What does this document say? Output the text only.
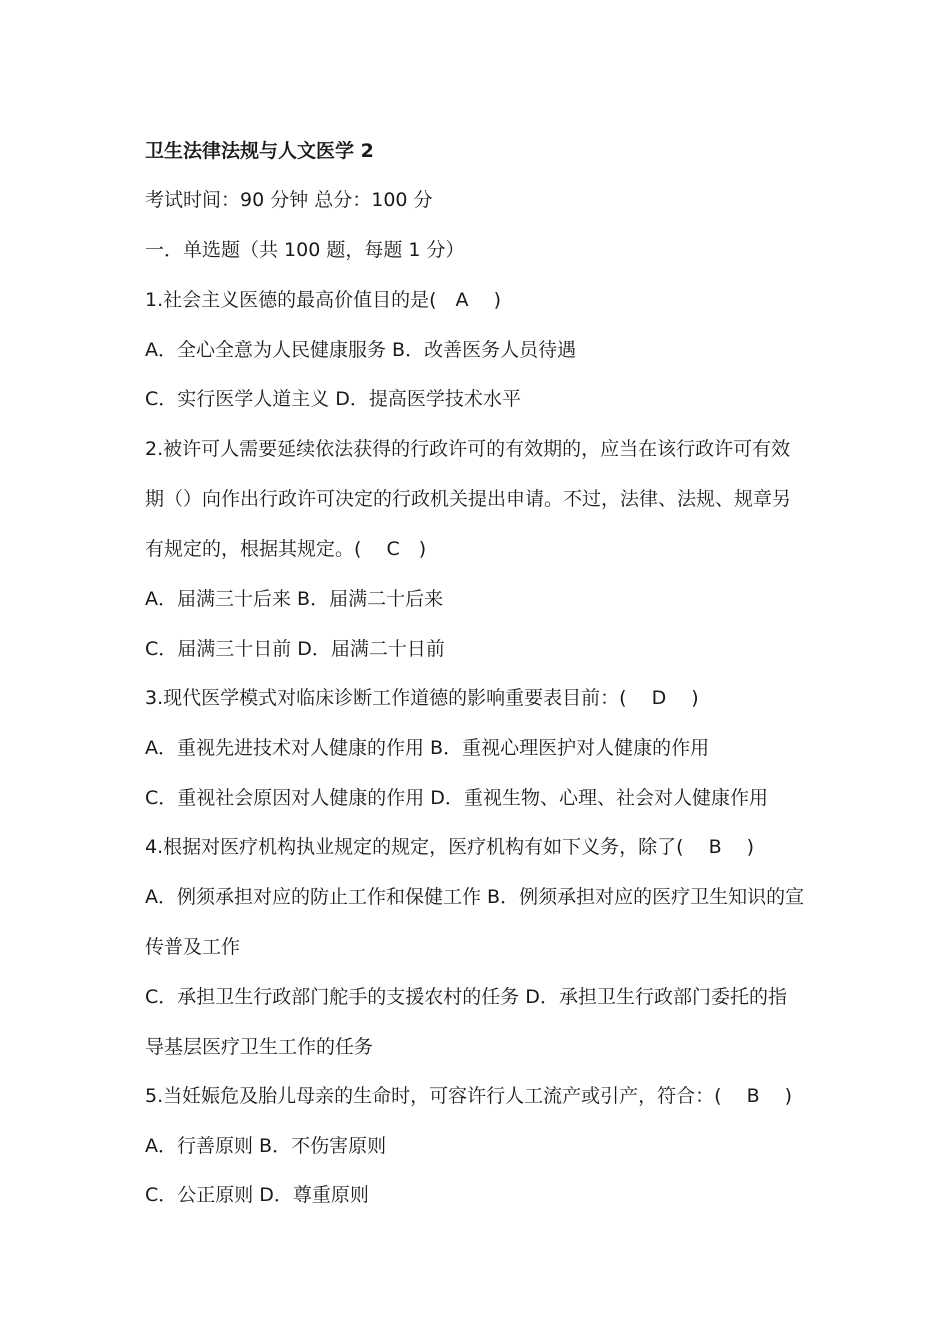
卫生法律法规与人文医学 2
考试时间：90 分钟 总分：100 分
一．单选题（共 100 题，每题 1 分）
1.社会主义医德的最高价值目的是(　A　 )
A．全心全意为人民健康服务 B．改善医务人员待遇
C．实行医学人道主义 D．提高医学技术水平
2.被许可人需要延续依法获得的行政许可的有效期的，应当在该行政许可有效
期（）向作出行政许可决定的行政机关提出申请。不过，法律、法规、规章另
有规定的，根据其规定。(　 C　)
A．届满三十后来 B．届满二十后来
C．届满三十日前 D．届满二十日前
3.现代医学模式对临床诊断工作道德的影响重要表目前：(　 D　 )
A．重视先进技术对人健康的作用 B．重视心理医护对人健康的作用
C．重视社会原因对人健康的作用 D．重视生物、心理、社会对人健康作用
4.根据对医疗机构执业规定的规定，医疗机构有如下义务，除了(　 B　 )
A．例须承担对应的防止工作和保健工作 B．例须承担对应的医疗卫生知识的宣
传普及工作
C．承担卫生行政部门舵手的支援农村的任务 D．承担卫生行政部门委托的指
导基层医疗卫生工作的任务
5.当妊娠危及胎儿母亲的生命时，可容许行人工流产或引产，符合：(　 B　 )
A．行善原则 B．不伤害原则
C．公正原则 D．尊重原则
